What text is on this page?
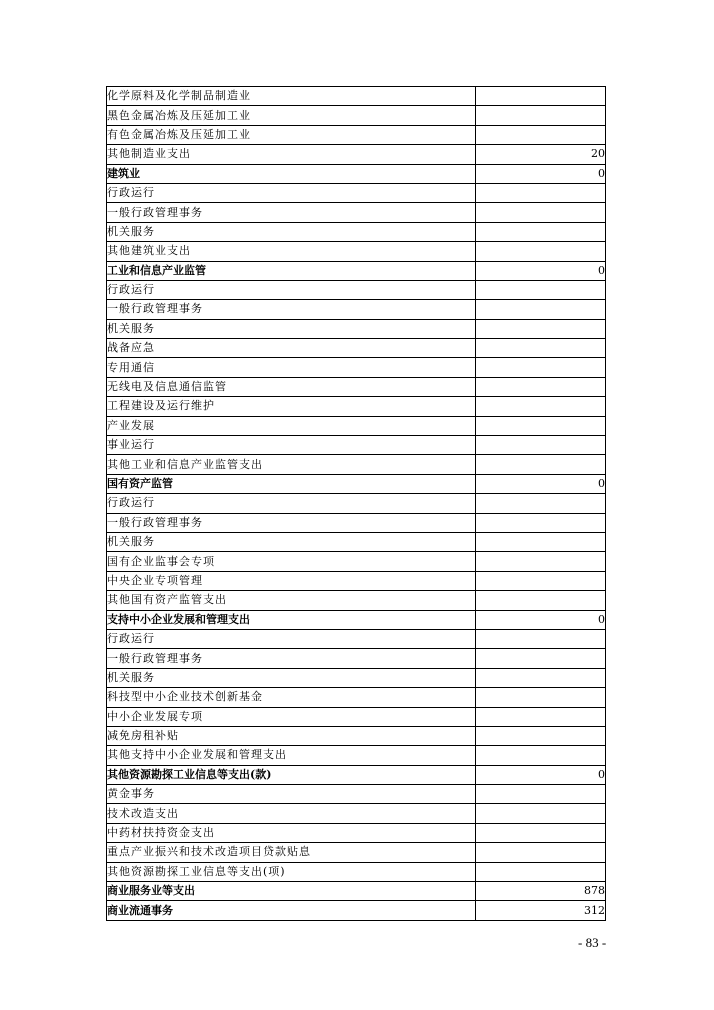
化学原料及化学制品制造业	
黑色金属冶炼及压延加工业	
有色金属冶炼及压延加工业	
其他制造业支出	20
建筑业	0
行政运行	
一般行政管理事务	
机关服务	
其他建筑业支出	
工业和信息产业监管	0
行政运行	
一般行政管理事务	
机关服务	
战备应急	
专用通信	
无线电及信息通信监管	
工程建设及运行维护	
产业发展	
事业运行	
其他工业和信息产业监管支出	
国有资产监管	0
行政运行	
一般行政管理事务	
机关服务	
国有企业监事会专项	
中央企业专项管理	
其他国有资产监管支出	
支持中小企业发展和管理支出	0
行政运行	
一般行政管理事务	
机关服务	
科技型中小企业技术创新基金	
中小企业发展专项	
减免房租补贴	
其他支持中小企业发展和管理支出	
其他资源勘探工业信息等支出(款)	0
黄金事务	
技术改造支出	
中药材扶持资金支出	
重点产业振兴和技术改造项目贷款贴息	
其他资源勘探工业信息等支出(项)	
商业服务业等支出	878
商业流通事务	312
- 83 -
